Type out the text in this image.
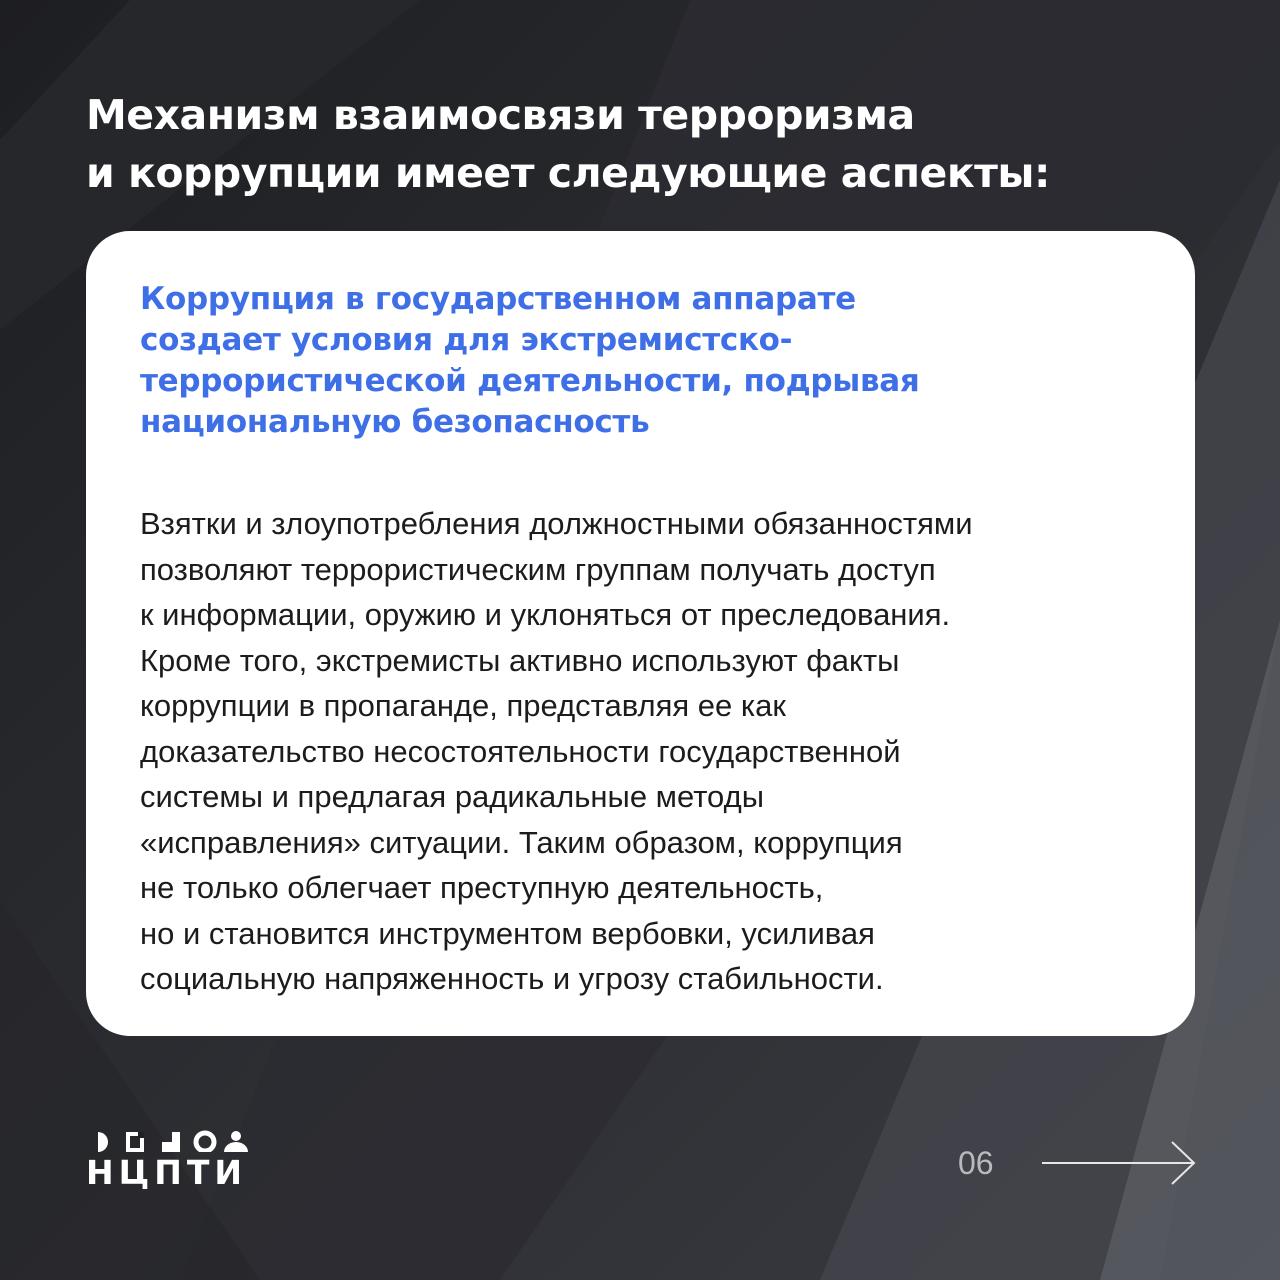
Механизм взаимосвязи терроризма
и коррупции имеет следующие аспекты:
Коррупция в государственном аппарате
создает условия для экстремистско-
террористической деятельности, подрывая
национальную безопасность

Взятки и злоупотребления должностными обязанностями
позволяют террористическим группам получать доступ
к информации, оружию и уклоняться от преследования.
Кроме того, экстремисты активно используют факты
коррупции в пропаганде, представляя ее как
доказательство несостоятельности государственной
системы и предлагая радикальные методы
«исправления» ситуации. Таким образом, коррупция
не только облегчает преступную деятельность,
но и становится инструментом вербовки, усиливая
социальную напряженность и угрозу стабильности.

НЦПТИ	06
